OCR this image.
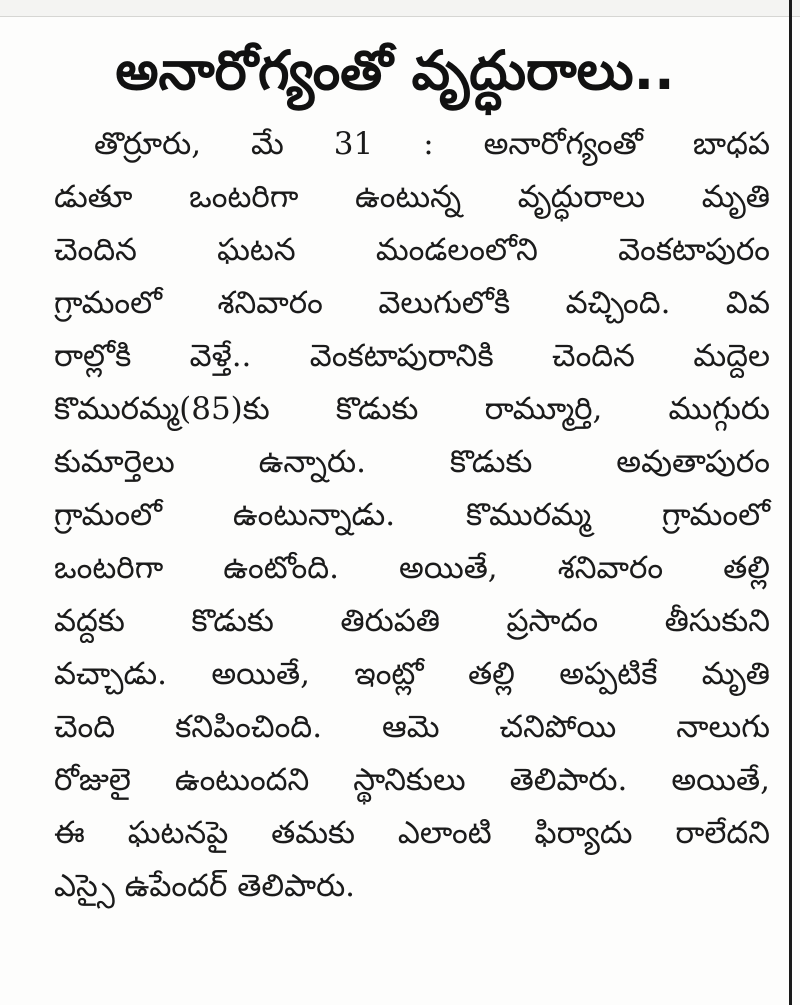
అనారోగ్యంతో వృద్ధురాలు..
తొర్రూరు, మే 31 : అనారోగ్యంతో బాధప
డుతూ ఒంటరిగా ఉంటున్న వృద్ధురాలు మృతి
చెందిన ఘటన మండలంలోని వెంకటాపురం
గ్రామంలో శనివారం వెలుగులోకి వచ్చింది. వివ
రాల్లోకి వెళ్తే.. వెంకటాపురానికి చెందిన మద్దెల
కొమురమ్మ(85)కు కొడుకు రామ్మూర్తి, ముగ్గురు
కుమార్తెలు ఉన్నారు. కొడుకు అవుతాపురం
గ్రామంలో ఉంటున్నాడు. కొమురమ్మ గ్రామంలో
ఒంటరిగా ఉంటోంది. అయితే, శనివారం తల్లి
వద్దకు కొడుకు తిరుపతి ప్రసాదం తీసుకుని
వచ్చాడు. అయితే, ఇంట్లో తల్లి అప్పటికే మృతి
చెంది కనిపించింది. ఆమె చనిపోయి నాలుగు
రోజులై ఉంటుందని స్థానికులు తెలిపారు. అయితే,
ఈ ఘటనపై తమకు ఎలాంటి ఫిర్యాదు రాలేదని
ఎస్సై ఉపేందర్ తెలిపారు.
